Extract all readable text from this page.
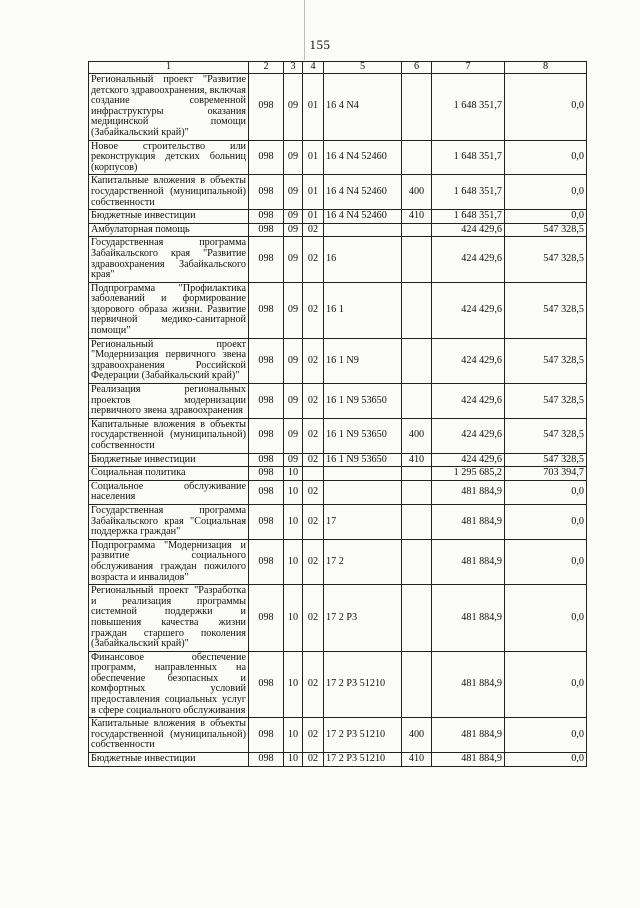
155
1	2	3	4	5	6	7	8
Региональный проект "Развитие детского здравоохранения, включая создание современной инфраструктуры оказания медицинской помощи (Забайкальский край)"	098	09	01	16 4 N4		1 648 351,7	0,0
Новое строительство или реконструкция детских больниц (корпусов)	098	09	01	16 4 N4 52460		1 648 351,7	0,0
Капитальные вложения в объекты государственной (муниципальной) собственности	098	09	01	16 4 N4 52460	400	1 648 351,7	0,0
Бюджетные инвестиции	098	09	01	16 4 N4 52460	410	1 648 351,7	0,0
Амбулаторная помощь	098	09	02			424 429,6	547 328,5
Государственная программа Забайкальского края "Развитие здравоохранения Забайкальского края"	098	09	02	16		424 429,6	547 328,5
Подпрограмма "Профилактика заболеваний и формирование здорового образа жизни. Развитие первичной медико-санитарной помощи"	098	09	02	16 1		424 429,6	547 328,5
Региональный проект "Модернизация первичного звена здравоохранения Российской Федерации (Забайкальский край)"	098	09	02	16 1 N9		424 429,6	547 328,5
Реализация региональных проектов модернизации первичного звена здравоохранения	098	09	02	16 1 N9 53650		424 429,6	547 328,5
Капитальные вложения в объекты государственной (муниципальной) собственности	098	09	02	16 1 N9 53650	400	424 429,6	547 328,5
Бюджетные инвестиции	098	09	02	16 1 N9 53650	410	424 429,6	547 328,5
Социальная политика	098	10				1 295 685,2	703 394,7
Социальное обслуживание населения	098	10	02			481 884,9	0,0
Государственная программа Забайкальского края "Социальная поддержка граждан"	098	10	02	17		481 884,9	0,0
Подпрограмма "Модернизация и развитие социального обслуживания граждан пожилого возраста и инвалидов"	098	10	02	17 2		481 884,9	0,0
Региональный проект "Разработка и реализация программы системной поддержки и повышения качества жизни граждан старшего поколения (Забайкальский край)"	098	10	02	17 2 P3		481 884,9	0,0
Финансовое обеспечение программ, направленных на обеспечение безопасных и комфортных условий предоставления социальных услуг в сфере социального обслуживания	098	10	02	17 2 P3 51210		481 884,9	0,0
Капитальные вложения в объекты государственной (муниципальной) собственности	098	10	02	17 2 P3 51210	400	481 884,9	0,0
Бюджетные инвестиции	098	10	02	17 2 P3 51210	410	481 884,9	0,0
